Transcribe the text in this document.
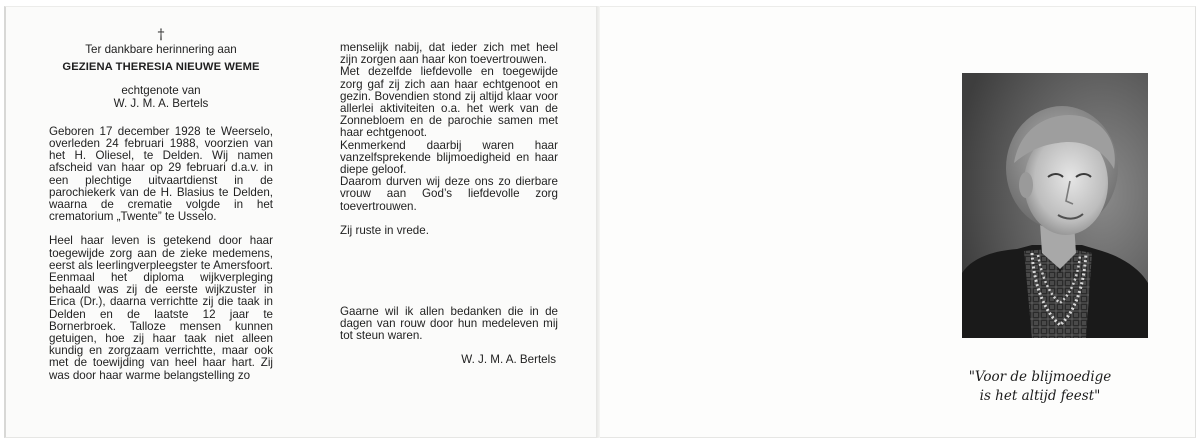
†

Ter dankbare herinnering aan

GEZIENA THERESIA NIEUWE WEME

echtgenote van

W. J. M. A. Bertels

Geboren 17 december 1928 te Weerselo, overleden 24 februari 1988, voorzien van het H. Oliesel, te Delden. Wij namen afscheid van haar op 29 februari d.a.v. in een plechtige uitvaartdienst in de parochiekerk van de H. Blasius te Delden, waarna de crematie volgde in het crematorium „Twente” te Usselo.

Heel haar leven is getekend door haar toegewijde zorg aan de zieke medemens, eerst als leerlingverpleegster te Amersfoort. Eenmaal het diploma wijkverpleging behaald was zij de eerste wijkzuster in Erica (Dr.), daarna verrichtte zij die taak in Delden en de laatste 12 jaar te Bornerbroek. Talloze mensen kunnen getuigen, hoe zij haar taak niet alleen kundig en zorgzaam verrichtte, maar ook met de toewijding van heel haar hart. Zij was door haar warme belangstelling zo

menselijk nabij, dat ieder zich met heel zijn zorgen aan haar kon toevertrouwen.

Met dezelfde liefdevolle en toegewijde zorg gaf zij zich aan haar echtgenoot en gezin. Bovendien stond zij altijd klaar voor allerlei aktiviteiten o.a. het werk van de Zonnebloem en de parochie samen met haar echtgenoot.

Kenmerkend daarbij waren haar vanzelfsprekende blijmoedigheid en haar diepe geloof.

Daarom durven wij deze ons zo dierbare vrouw aan God’s liefdevolle zorg toevertrouwen.

Zij ruste in vrede.

Gaarne wil ik allen bedanken die in de dagen van rouw door hun medeleven mij tot steun waren.

W. J. M. A. Bertels

"Voor de blijmoedige

is het altijd feest"
